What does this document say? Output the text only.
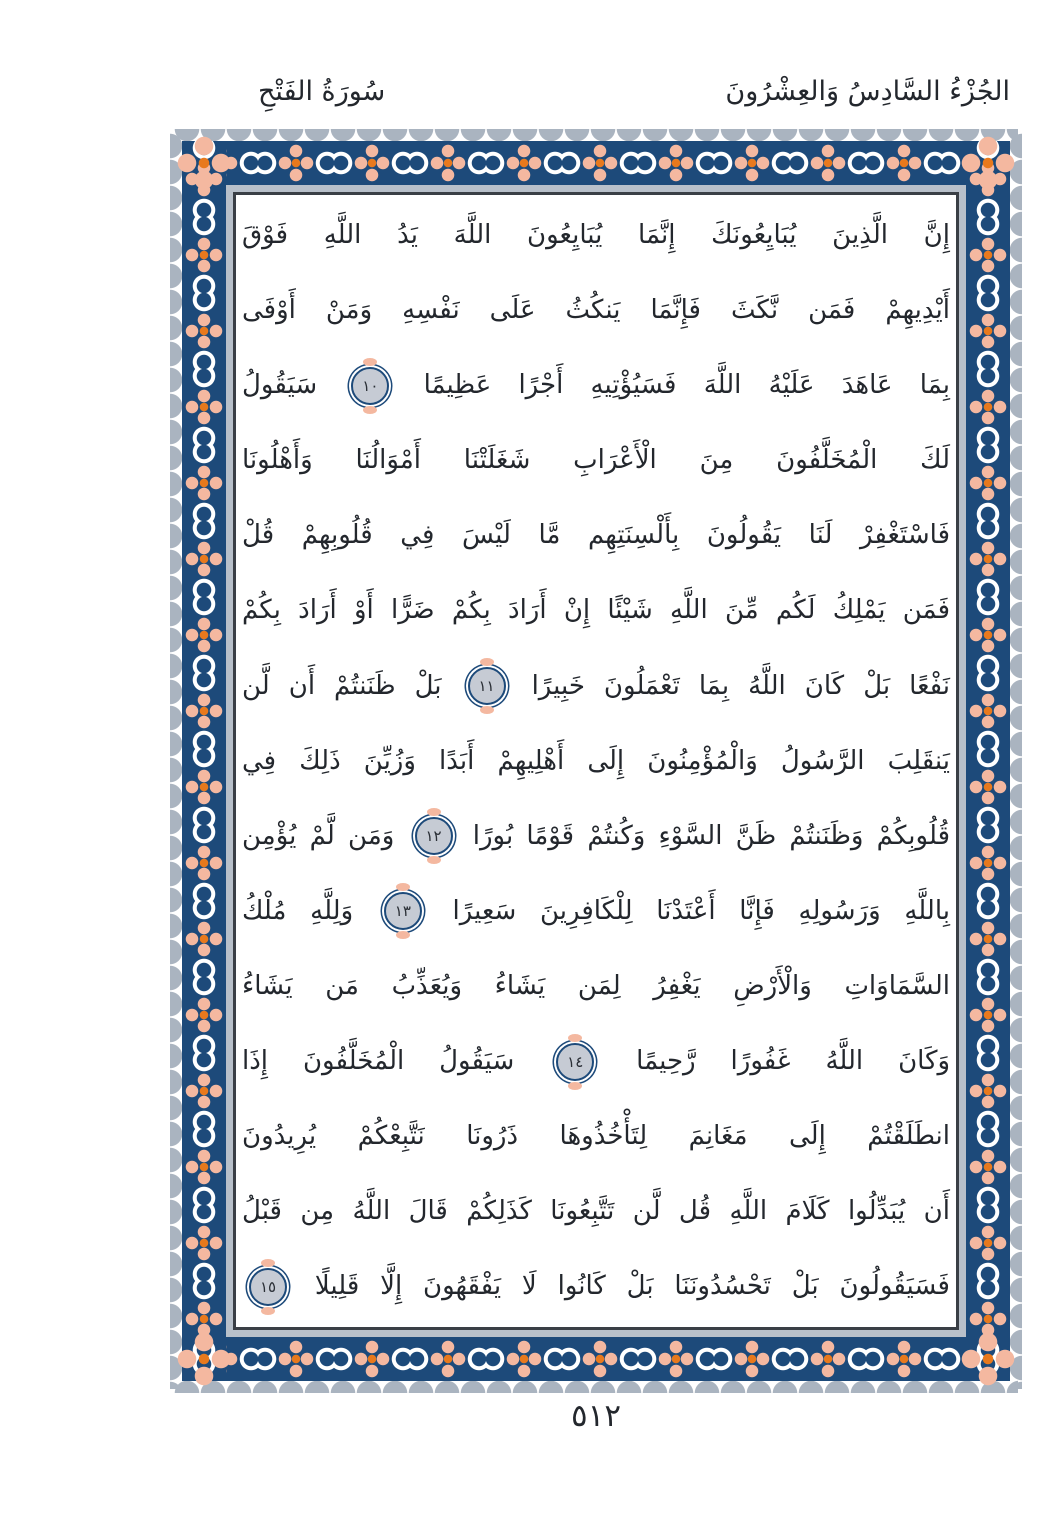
سُورَةُ الفَتْحِ	الجُزْءُ السَّادِسُ وَالعِشْرُونَ
إِنَّ الَّذِينَ يُبَايِعُونَكَ إِنَّمَا يُبَايِعُونَ اللَّهَ يَدُ اللَّهِ فَوْقَ
أَيْدِيهِمْ فَمَن نَّكَثَ فَإِنَّمَا يَنكُثُ عَلَى نَفْسِهِ وَمَنْ أَوْفَى
بِمَا عَاهَدَ عَلَيْهُ اللَّهَ فَسَيُؤْتِيهِ أَجْرًا عَظِيمًا ١٠ سَيَقُولُ
لَكَ الْمُخَلَّفُونَ مِنَ الْأَعْرَابِ شَغَلَتْنَا أَمْوَالُنَا وَأَهْلُونَا
فَاسْتَغْفِرْ لَنَا يَقُولُونَ بِأَلْسِنَتِهِم مَّا لَيْسَ فِي قُلُوبِهِمْ قُلْ
فَمَن يَمْلِكُ لَكُم مِّنَ اللَّهِ شَيْئًا إِنْ أَرَادَ بِكُمْ ضَرًّا أَوْ أَرَادَ بِكُمْ
نَفْعًا بَلْ كَانَ اللَّهُ بِمَا تَعْمَلُونَ خَبِيرًا ١١ بَلْ ظَنَنتُمْ أَن لَّن
يَنقَلِبَ الرَّسُولُ وَالْمُؤْمِنُونَ إِلَى أَهْلِيهِمْ أَبَدًا وَزُيِّنَ ذَلِكَ فِي
قُلُوبِكُمْ وَظَنَنتُمْ ظَنَّ السَّوْءِ وَكُنتُمْ قَوْمًا بُورًا ١٢ وَمَن لَّمْ يُؤْمِن
بِاللَّهِ وَرَسُولِهِ فَإِنَّا أَعْتَدْنَا لِلْكَافِرِينَ سَعِيرًا ١٣ وَلِلَّهِ مُلْكُ
السَّمَاوَاتِ وَالْأَرْضِ يَغْفِرُ لِمَن يَشَاءُ وَيُعَذِّبُ مَن يَشَاءُ
وَكَانَ اللَّهُ غَفُورًا رَّحِيمًا ١٤ سَيَقُولُ الْمُخَلَّفُونَ إِذَا
انطَلَقْتُمْ إِلَى مَغَانِمَ لِتَأْخُذُوهَا ذَرُونَا نَتَّبِعْكُمْ يُرِيدُونَ
أَن يُبَدِّلُوا كَلَامَ اللَّهِ قُل لَّن تَتَّبِعُونَا كَذَلِكُمْ قَالَ اللَّهُ مِن قَبْلُ
فَسَيَقُولُونَ بَلْ تَحْسُدُونَنَا بَلْ كَانُوا لَا يَفْقَهُونَ إِلَّا قَلِيلًا ١٥
٥١٢
